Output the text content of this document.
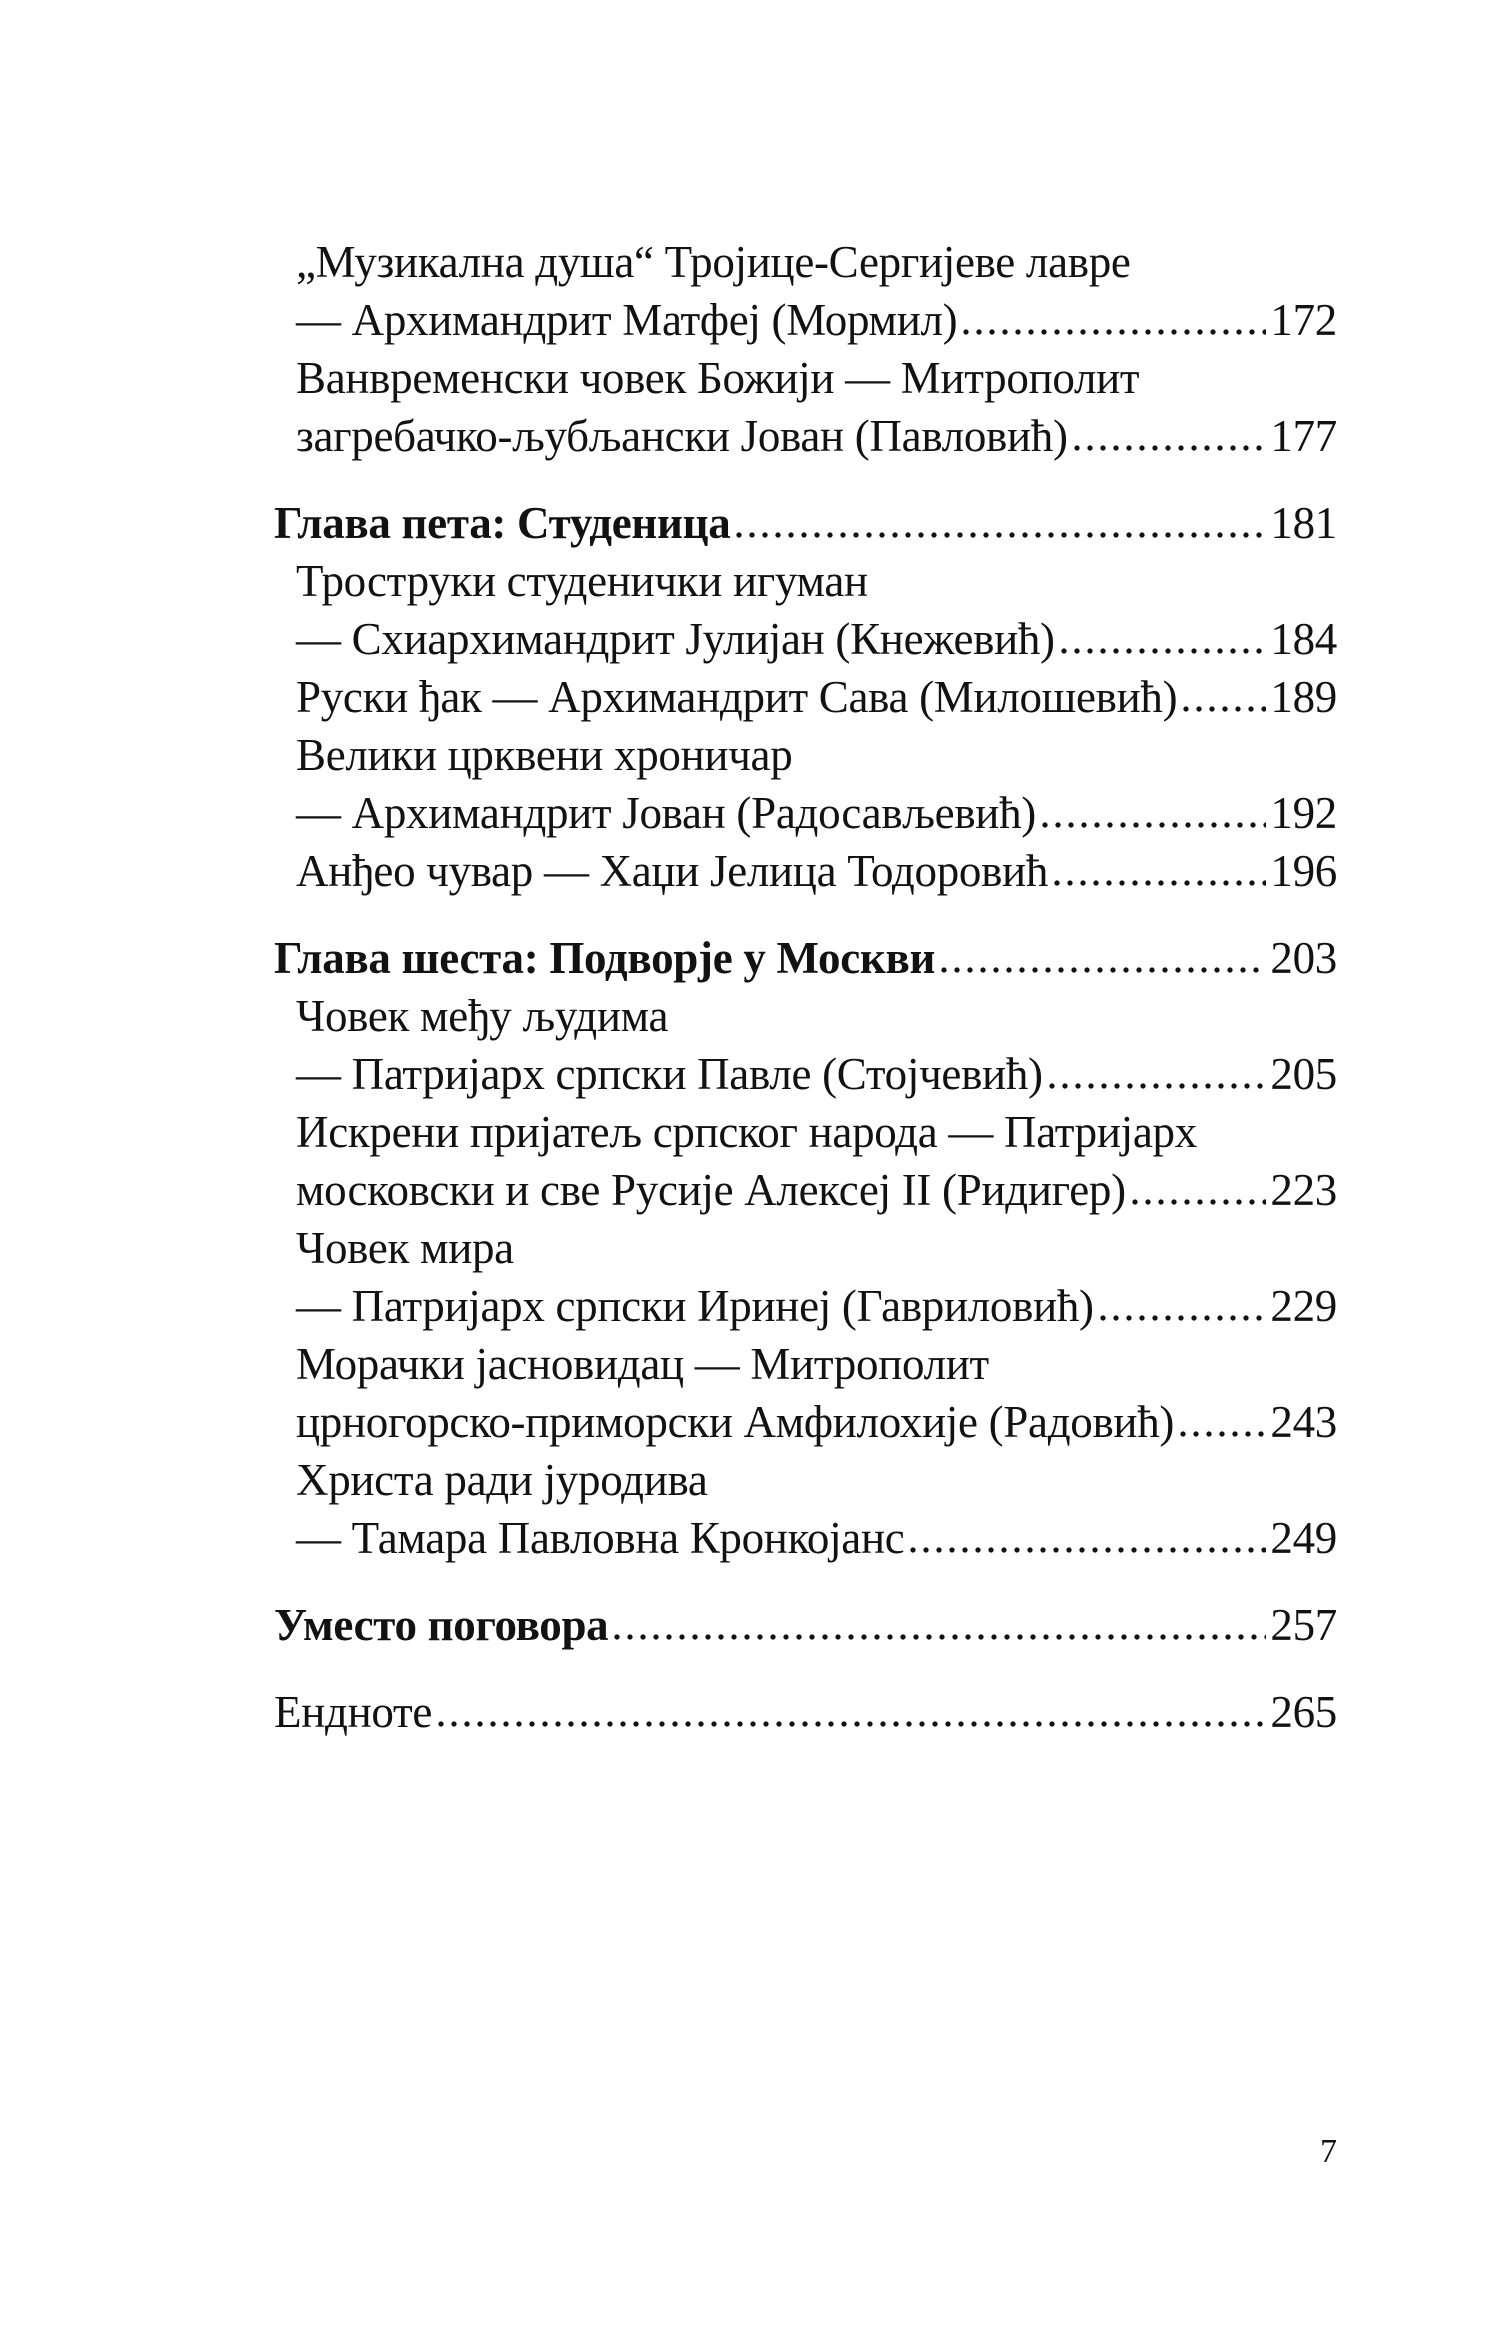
„Музикална душа“ Тројице-Сергијеве лавре
— Архимандрит Матфеј (Мормил)	172
Ванвременски човек Божији — Митрополит
загребачко-љубљански Јован (Павловић)	177
Глава пета: Студеница	181
Троструки студенички игуман
— Схиархимандрит Јулијан (Кнежевић)	184
Руски ђак — Архимандрит Сава (Милошевић) 189
Велики црквени хроничар
— Архимандрит Јован (Радосављевић)	192
Анђео чувар — Хаџи Јелица Тодоровић	196
Глава шеста: Подворје у Москви	203
Човек међу људима
— Патријарх српски Павле (Стојчевић)	205
Искрени пријатељ српског народа — Патријарх
московски и све Русије Алексеј II (Ридигер)	223
Човек мира
— Патријарх српски Иринеј (Гавриловић)	229
Морачки јасновидац — Митрополит
црногорско-приморски Амфилохије (Радовић) 243
Христа ради јуродива
— Тамара Павловна Кронкојанс	249
Уместо поговора	257
Ендноте	265
7
